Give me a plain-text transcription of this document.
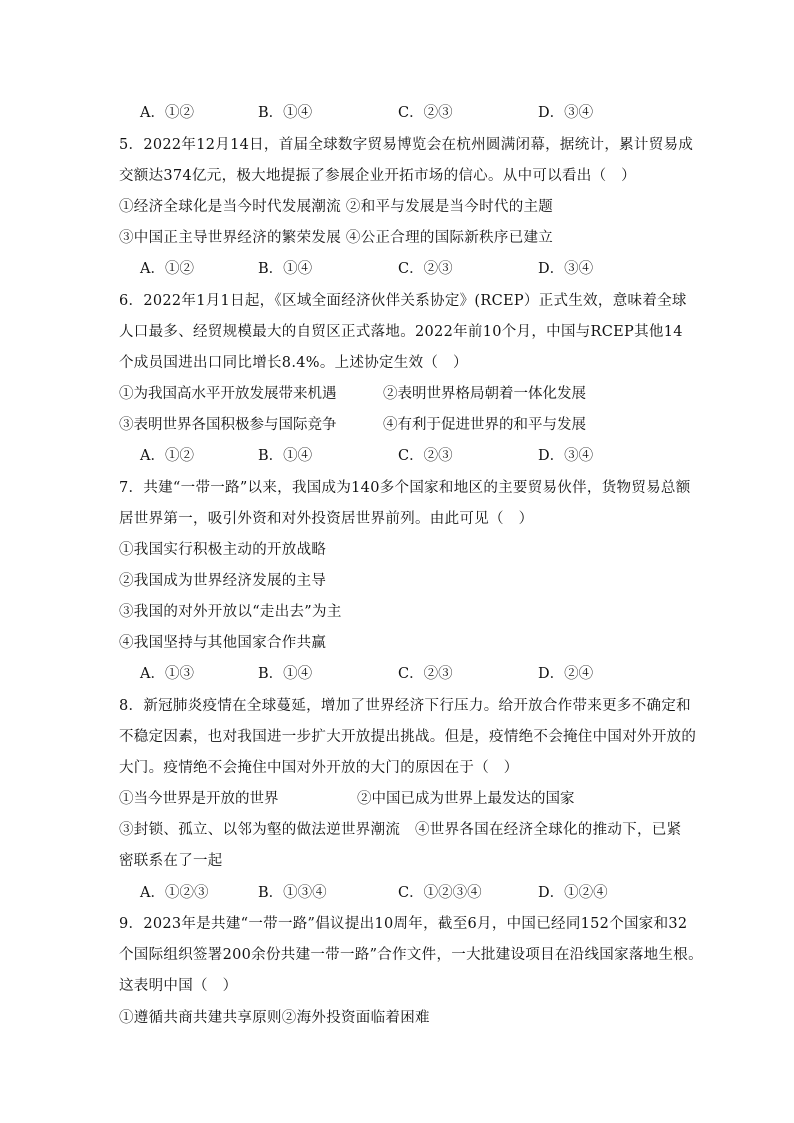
A．①②	B．①④	C．②③	D．③④
5．2022年12月14日，首届全球数字贸易博览会在杭州圆满闭幕，据统计，累计贸易成
交额达374亿元，极大地提振了参展企业开拓市场的信心。从中可以看出（　）
①经济全球化是当今时代发展潮流 ②和平与发展是当今时代的主题
③中国正主导世界经济的繁荣发展 ④公正合理的国际新秩序已建立
A．①②	B．①④	C．②③	D．③④
6．2022年1月1日起，《区域全面经济伙伴关系协定》(RCEP）正式生效，意味着全球
人口最多、经贸规模最大的自贸区正式落地。2022年前10个月，中国与RCEP其他14
个成员国进出口同比增长8.4%。上述协定生效（　）
①为我国高水平开放发展带来机遇	②表明世界格局朝着一体化发展
③表明世界各国积极参与国际竞争	④有利于促进世界的和平与发展
A．①②	B．①④	C．②③	D．③④
7．共建“一带一路”以来，我国成为140多个国家和地区的主要贸易伙伴，货物贸易总额
居世界第一，吸引外资和对外投资居世界前列。由此可见（　）
①我国实行积极主动的开放战略
②我国成为世界经济发展的主导
③我国的对外开放以“走出去”为主
④我国坚持与其他国家合作共赢
A．①③	B．①④	C．②③	D．②④
8．新冠肺炎疫情在全球蔓延，增加了世界经济下行压力。给开放合作带来更多不确定和
不稳定因素，也对我国进一步扩大开放提出挑战。但是，疫情绝不会掩住中国对外开放的
大门。疫情绝不会掩住中国对外开放的大门的原因在于（　）
①当今世界是开放的世界	②中国已成为世界上最发达的国家
③封锁、孤立、以邻为壑的做法逆世界潮流　④世界各国在经济全球化的推动下，已紧
密联系在了一起
A．①②③	B．①③④	C．①②③④	D．①②④
9．2023年是共建“一带一路”倡议提出10周年，截至6月，中国已经同152个国家和32
个国际组织签署200余份共建一带一路”合作文件，一大批建设项目在沿线国家落地生根。
这表明中国（　）
①遵循共商共建共享原则②海外投资面临着困难
